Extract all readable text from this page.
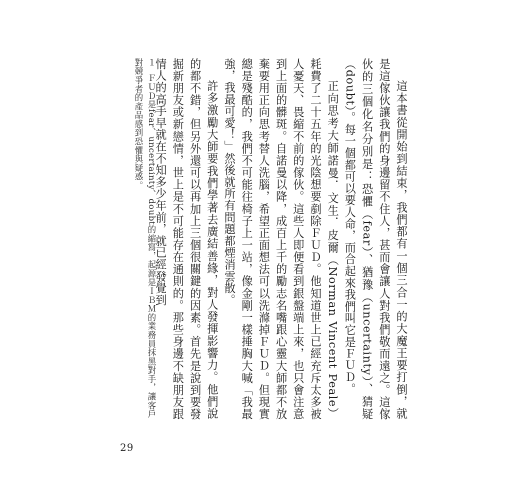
這本書從開始到結束，我們都有一個三合一的大魔王要打倒，就是這傢伙讓我們的身邊留不住人，甚而會讓人對我們敬而遠之。這傢伙的三個化名分別是：恐懼（fear）、猶豫（uncertainty）、猜疑（doubt）。每一個都可以要人命，而合起來我們叫它是ＦＵＤ。

正向思考大師諾曼．文生．皮爾（Norman Vincent Peale）耗費了二十五年的光陰想要剷除ＦＵＤ。他知道世上已經充斥太多被人憂天、畏縮不前的傢伙。這些人即便看到銀盤端上來，也只會注意到上面的髒斑。自諾曼以降，成百上千的勵志名嘴跟心靈大師都不放棄要用正向思考替人洗腦，希望正面想法可以洗滌掉ＦＵＤ。但現實總是殘酷的，我們不可能往椅子上一站，像金剛一樣捶胸大喊「我最強，我最可愛！」然後就所有問題都煙消雲散。

許多激勵大師要我們學著去廣結善緣，對人發揮影響力。他們說的都不錯，但另外還可以再加上三個很關鍵的因素。首先是說到要發掘新朋友或新戀情，世上是不可能存在通則的。那些身邊不缺朋友跟情人的高手早就在不知多少年前，就已經發覺到

１ ＦＵＤ是fear、uncertainty、doubt的縮寫，起源是ＩＢＭ的業務員抹黑對手，讓客戶對競爭者的產品感到恐懼與疑惑。
29
